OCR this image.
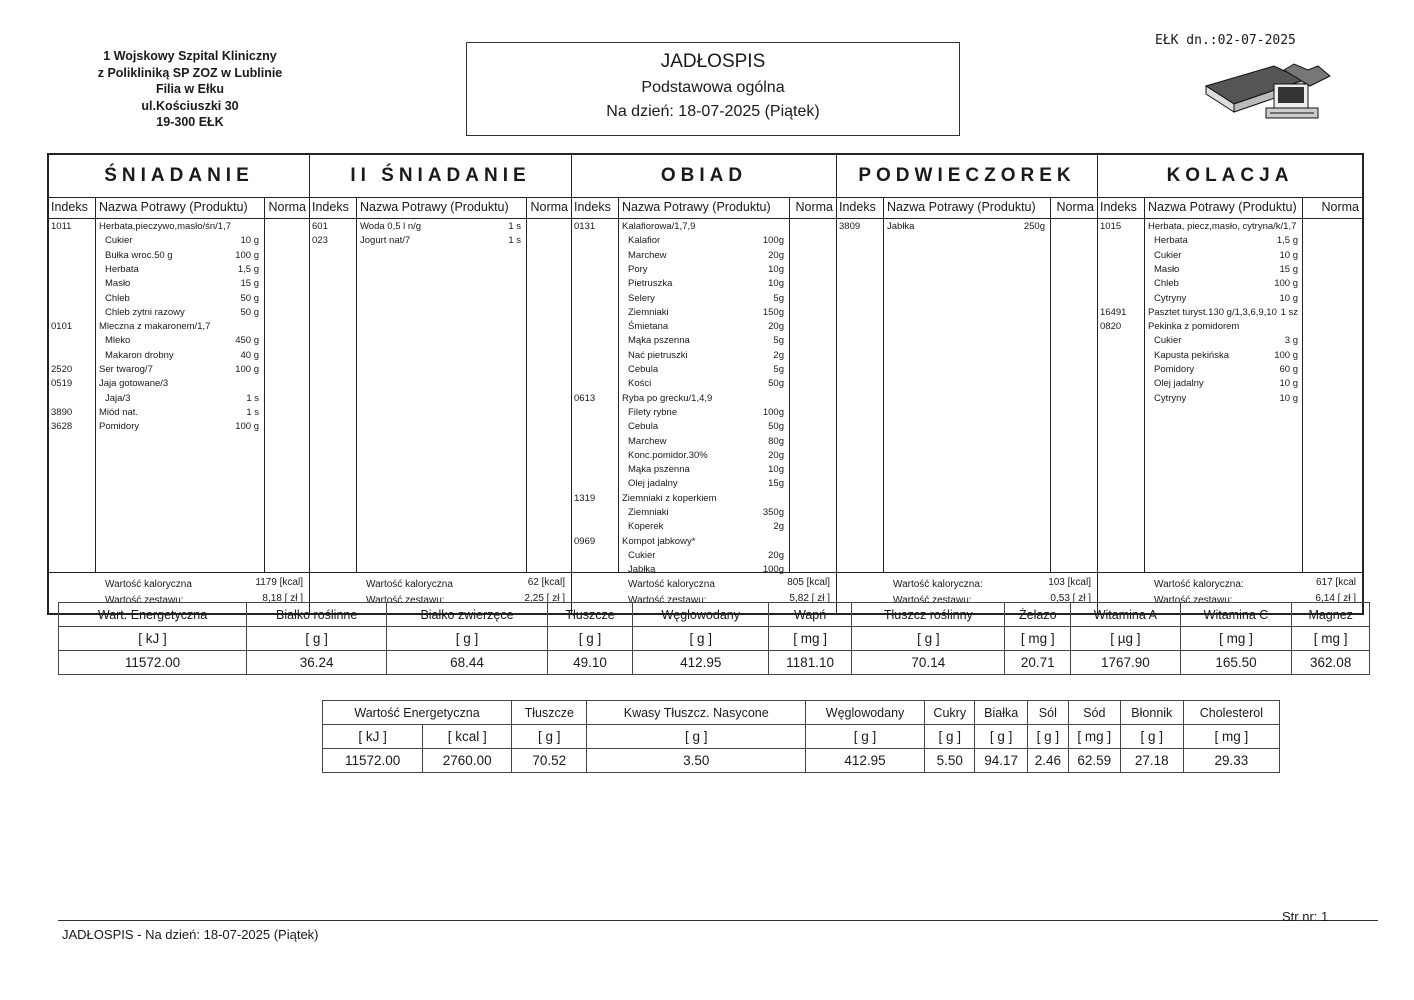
1 Wojskowy Szpital Kliniczny
z Polikliniką SP ZOZ w Lublinie
Filia w Ełku
ul.Kościuszki 30
19-300 EŁK
JADŁOSPIS
Podstawowa ogólna
Na dzień: 18-07-2025 (Piątek)
EŁK dn.:02-07-2025
ŚNIADANIE
Indeks Nazwa Potrawy (Produktu) Norma
1011	Herbata,pieczywo,masło/śn/1,7
Cukier	10 g
Bułka wroc.50 g	100 g
Herbata	1,5 g
Masło	15 g
Chleb	50 g
Chleb zytni razowy	50 g
0101	Mleczna z makaronem/1,7
Mleko	450 g
Makaron drobny	40 g
2520	Ser twarog/7	100 g
0519	Jaja gotowane/3
Jaja/3	1 s
3890	Miód nat.	1 s
3628	Pomidory	100 g
Wartość kaloryczna	1179 [kcal]
Wartość zestawu:	8,18 [ zł ]
II ŚNIADANIE
Indeks Nazwa Potrawy (Produktu) Norma
601	Woda 0,5 l n/g	1 s
023	Jogurt nat/7	1 s
Wartość kaloryczna	62 [kcal]
Wartość zestawu:	2,25 [ zł ]
OBIAD
Indeks Nazwa Potrawy (Produktu) Norma
0131	Kalafiorowa/1,7,9
Kalafior	100g
Marchew	20g
Pory	10g
Pietruszka	10g
Selery	5g
Ziemniaki	150g
Śmietana	20g
Mąka pszenna	5g
Nać pietruszki	2g
Cebula	5g
Kości	50g
0613	Ryba po grecku/1,4,9
Filety rybne	100g
Cebula	50g
Marchew	80g
Konc.pomidor.30%	20g
Mąka pszenna	10g
Olej jadalny	15g
1319	Ziemniaki z koperkiem
Ziemniaki	350g
Koperek	2g
0969	Kompot jabkowy*
Cukier	20g
Jabłka	100g
Wartość kaloryczna	805 [kcal]
Wartość zestawu:	5,82 [ zł ]
PODWIECZOREK
Indeks Nazwa Potrawy (Produktu) Norma
3809	Jabłka	250g
Wartość kaloryczna:	103 [kcal]
Wartość zestawu:	0,53 [ zł ]
KOLACJA
Indeks Nazwa Potrawy (Produktu) Norma
1015	Herbata, piecz,masło, cytryna/k/1,7
Herbata	1,5 g
Cukier	10 g
Masło	15 g
Chleb	100 g
Cytryny	10 g
16491 Pasztet turyst.130 g/1,3,6,9,10 1 sz
0820	Pekinka z pomidorem
Cukier	3 g
Kapusta pekińska	100 g
Pomidory	60 g
Olej jadalny	10 g
Cytryny	10 g
Wartość kaloryczna:	617 [kcal
Wartość zestawu:	6,14 [ zł ]
Wart. Energetyczna	Białko roślinne	Białko zwierzęce	Tłuszcze	Węglowodany	Wapń	Tłuszcz roślinny	Żelazo	Witamina A	Witamina C	Magnez
[ kJ ]	[ g ]	[ g ]	[ g ]	[ g ]	[ mg ]	[ g ]	[ mg ]	[ µg ]	[ mg ]	[ mg ]
11572.00	36.24	68.44	49.10	412.95	1181.10	70.14	20.71	1767.90	165.50	362.08
Wartość Energetyczna		Tłuszcze	Kwasy Tłuszcz. Nasycone	Węglowodany	Cukry	Białka	Sól	Sód	Błonnik	Cholesterol
[ kJ ]	[ kcal ]	[ g ]	[ g ]	[ g ]	[ g ]	[ g ]	[ g ]	[ mg ]	[ g ]	[ mg ]
11572.00	2760.00	70.52	3.50	412.95	5.50	94.17	2.46	62.59	27.18	29.33
JADŁOSPIS - Na dzień: 18-07-2025 (Piątek)
Str nr: 1
